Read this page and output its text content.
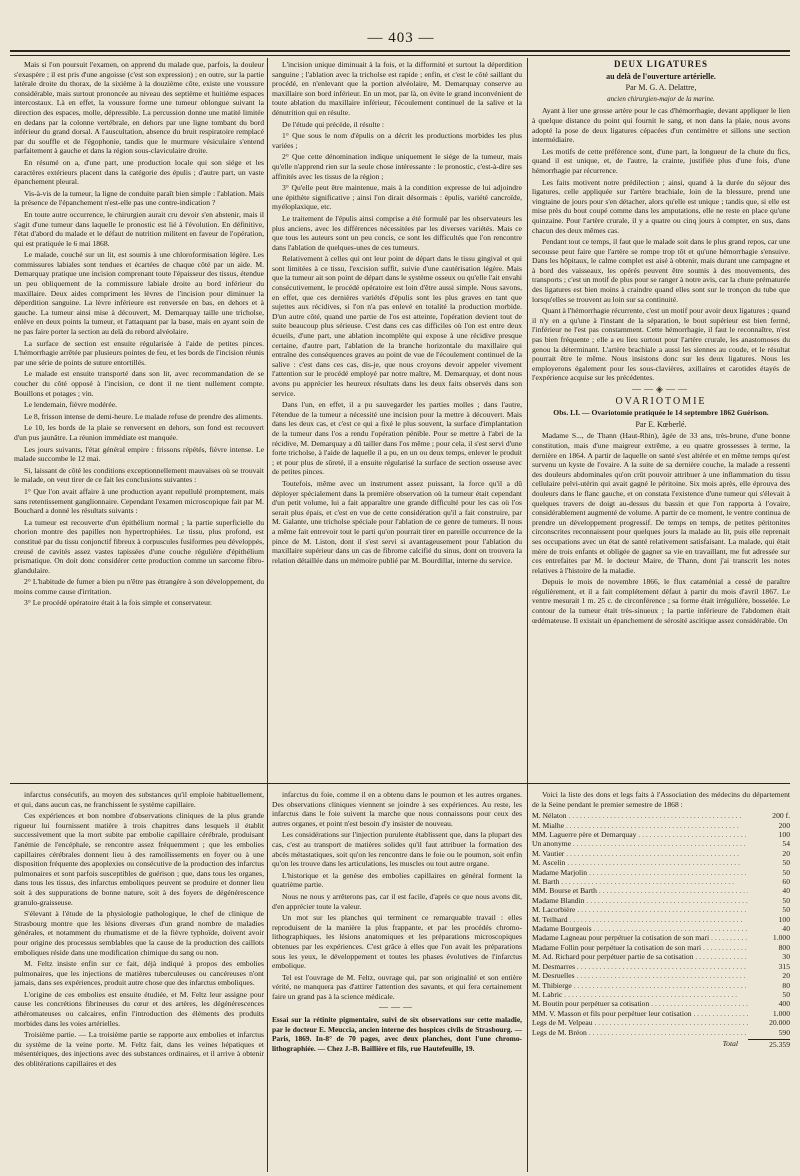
— 403 —

Mais si l'on poursuit l'examen, on apprend du malade que, parfois, la douleur s'exaspère ; il est pris d'une angoisse (c'est son expression) ; en outre, sur la partie latérale droite du thorax, de la sixième à la douzième côte, existe une voussure considérable, mais surtout prononcée au niveau des septième et huitième espaces intercostaux. Là en effet, la voussure forme une tumeur oblongue suivant la direction des espaces, molle, dépressible. La percussion donne une matité limitée en dedans par la colonne vertébrale, en dehors par une ligne tombant du bord inférieur du grand dorsal. A l'auscultation, absence du bruit respiratoire remplacé par du souffle et de l'égophonie, tandis que le murmure vésiculaire s'entend parfaitement à gauche et dans la région sous-claviculaire droite.

En résumé on a, d'une part, une production locale qui son siége et les caractères extérieurs placent dans la catégorie des épulis ; d'autre part, un vaste épanchement pleural.

Vis-à-vis de la tumeur, la ligne de conduite paraît bien simple : l'ablation. Mais la présence de l'épanchement n'est-elle pas une contre-indication ?

En toute autre occurrence, le chirurgien aurait cru devoir s'en abstenir, mais il s'agit d'une tumeur dans laquelle le pronostic est lié à l'évolution. En définitive, l'état d'abord du malade et le défaut de nutrition militent en faveur de l'opération, qui est pratiquée le 6 mai 1868.

Le malade, couché sur un lit, est soumis à une chloroformisation légère. Les commissures labiales sont tendues et écartées de chaque côté par un aide. M. Demarquay pratique une incision comprenant toute l'épaisseur des tissus, étendue un peu obliquement de la commissure labiale droite au bord inférieur du maxillaire. Deux aides compriment les lèvres de l'incision pour diminuer la déperdition sanguine. La lèvre inférieure est renversée en bas, en dehors et à gauche. La tumeur ainsi mise à découvert, M. Demarquay taille une tricholse, enlève en deux points la tumeur, et l'attaquant par la base, mais en ayant soin de ne pas faire porter la section au delà du rebord alvéolaire.

La surface de section est ensuite régularisée à l'aide de petites pinces. L'hémorrhagie arrêtée par plusieurs pointes de feu, et les bords de l'incision réunis par une série de points de suture entortillés.

Le malade est ensuite transporté dans son lit, avec recommandation de se coucher du côté opposé à l'incision, ce dont il ne tient nullement compte. Bouillons et potages ; vin.

Le lendemain, fièvre modérée.

Le 8, frisson intense de demi-heure. Le malade refuse de prendre des aliments.

Le 10, les bords de la plaie se renversent en dehors, son fond est recouvert d'un pus jaunâtre. La réunion immédiate est manquée.

Les jours suivants, l'état général empire : frissons répétés, fièvre intense. Le malade succombe le 12 mai.

Si, laissant de côté les conditions exceptionnellement mauvaises où se trouvait le malade, on veut tirer de ce fait les conclusions suivantes :

1° Que l'on avait affaire à une production ayant repullulé promptement, mais sans retentissement ganglionnaire. Cependant l'examen microscopique fait par M. Bouchard a donné les résultats suivants :

La tumeur est recouverte d'un épithélium normal ; la partie superficielle du chorion montre des papilles non hypertrophiées. Le tissu, plus profond, est constitué par du tissu conjonctif fibreux à corpuscules fusiformes peu développés, creusé de cavités assez vastes tapissées d'une couche régulière d'épithélium prismatique. On doit donc considérer cette production comme un sarcome fibro-glandulaire.

2° L'habitude de fumer a bien pu n'être pas étrangère à son développement, du moins comme cause d'irritation.

3° Le procédé opératoire était à la fois simple et conservateur.

L'incision unique diminuait à la fois, et la difformité et surtout la déperdition sanguine ; l'ablation avec la tricholse est rapide ; enfin, et c'est le côté saillant du procédé, en n'enlevant que la portion alvéolaire, M. Demarquay conserve au maxillaire son bord inférieur. En un mot, par là, on évite le grand inconvénient de toute ablation du maxillaire inférieur, l'écoulement continuel de la salive et la dénutrition qui en résulte.

De l'étude qui précède, il résulte :

1° Que sous le nom d'épulis on a décrit les productions morbides les plus variées ;

2° Que cette dénomination indique uniquement le siége de la tumeur, mais qu'elle n'apprend rien sur la seule chose intéressante : le pronostic, c'est-à-dire ses affinités avec les tissus de la région ;

3° Qu'elle peut être maintenue, mais à la condition expresse de lui adjoindre une épithète significative ; ainsi l'on dirait désormais : épulis, variété cancroïde, myéloplaxique, etc.

Le traitement de l'épulis ainsi comprise a été formulé par les observateurs les plus anciens, avec les différences nécessitées par les diverses variétés. Mais ce que tous les auteurs sont un peu concis, ce sont les difficultés que l'on rencontre dans l'ablation de quelques-unes de ces tumeurs.

Relativement à celles qui ont leur point de départ dans le tissu gingival et qui sont limitées à ce tissu, l'excision suffit, suivie d'une cautérisation légère. Mais que la tumeur ait son point de départ dans le système osseux ou qu'elle l'ait envahi consécutivement, le procédé opératoire est loin d'être aussi simple. Nous savons, en effet, que ces dernières variétés d'épulis sont les plus graves en tant que sujettes aux récidives, si l'on n'a pas enlevé en totalité la production morbide. D'un autre côté, quand une partie de l'os est atteinte, l'opération devient tout de suite beaucoup plus sérieuse. C'est dans ces cas difficiles où l'on est entre deux écueils, d'une part, une ablation incomplète qui expose à une récidive presque certaine, d'autre part, l'ablation de la branche horizontale du maxillaire qui entraîne des conséquences graves au point de vue de l'écoulement continuel de la salive : c'est dans ces cas, dis-je, que nous croyons devoir appeler vivement l'attention sur le procédé employé par notre maître, M. Demarquay, et dont nous avons pu apprécier les heureux résultats dans les deux faits observés dans son service.

Dans l'un, en effet, il a pu sauvegarder les parties molles ; dans l'autre, l'étendue de la tumeur a nécessité une incision pour la mettre à découvert. Mais dans les deux cas, et c'est ce qui a fixé le plus souvent, la surface d'implantation de la tumeur dans l'os a rendu l'opération pénible. Pour se mettre à l'abri de la récidive, M. Demarquay a dû tailler dans l'os même ; pour cela, il s'est servi d'une forte tricholse, à l'aide de laquelle il a pu, en un ou deux temps, enlever le produit ; et pour plus de sûreté, il a ensuite régularisé la surface de section osseuse avec de petites pinces.

Toutefois, même avec un instrument assez puissant, la force qu'il a dû déployer spécialement dans la première observation où la tumeur était cependant d'un petit volume, lui a fait apparaître une grande difficulté pour les cas où l'os serait plus épais, et c'est en vue de cette considération qu'il a fait construire, par M. Galante, une tricholse spéciale pour l'ablation de ce genre de tumeurs. Il nous a même fait entrevoir tout le parti qu'on pourrait tirer en pareille occurrence de la pince de M. Liston, dont il s'est servi si avantageusement pour l'ablation du maxillaire supérieur dans un cas de fibrome calcifié du sinus, dont on trouvera la relation détaillée dans un mémoire publié par M. Bourdillat, interne du service.

DEUX LIGATURES

au delà de l'ouverture artérielle.

Par M. G. A. Delattre,

ancien chirurgien-major de la marine.

Ayant à lier une grosse artère pour le cas d'hémorrhagie, devant appliquer le lien à quelque distance du point qui fournit le sang, et non dans la plaie, nous avons adopté la pose de deux ligatures cépacées d'un centimètre et sillons une section intermédiaire.

Les motifs de cette préférence sont, d'une part, la longueur de la chute du fics, quand il est unique, et, de l'autre, la crainte, justifiée plus d'une fois, d'une hémorrhagie par récurrence.

Les faits motivent notre prédilection ; ainsi, quand à la durée du séjour des ligatures, celle appliquée sur l'artère brachiale, loin de la blessure, prend une vingtaine de jours pour s'en détacher, alors qu'elle est unique ; tandis que, si elle est mise près du bout coupé comme dans les amputations, elle ne reste en place qu'une quinzaine. Pour l'artère crurale, il y a quatre ou cinq jours à compter, en sus, dans chacun des deux mêmes cas.

Pendant tout ce temps, il faut que le malade soit dans le plus grand repos, car une secousse peut faire que l'artère se rompe trop tôt et qu'une hémorrhagie s'ensuive. Dans les hôpitaux, le calme complet est aisé à obtenir, mais durant une campagne et à bord des vaisseaux, les opérés peuvent être soumis à des mouvements, des transports ; c'est un motif de plus pour se ranger à notre avis, car la chute prématurée des ligatures est bien moins à craindre quand elles sont sur le tronçon du tube que lorsqu'elles se trouvent au loin sur sa continuité.

Quant à l'hémorrhagie récurrente, c'est un motif pour avoir deux ligatures ; quand il n'y en a qu'une à l'instant de la séparation, le bout supérieur est bien fermé, l'inférieur ne l'est pas constamment. Cette hémorrhagie, il faut le reconnaître, n'est pas bien fréquente ; elle a eu lieu surtout pour l'artère crurale, les anastomoses du genou la déterminant. L'artère brachiale a aussi les siennes au coude, et le résultat pourrait être le même. Nous insistons donc sur les deux ligatures. Nous les employerons également pour les sous-clavières, axillaires et carotides étayés de l'expérience acquise sur les précédentes.

——◈——

OVARIOTOMIE

Obs. LI. — Ovariotomie pratiquée le 14 septembre 1862 Guérison.

Par E. Kœberlé.

Madame S..., de Thann (Haut-Rhin), âgée de 33 ans, très-brune, d'une bonne constitution, mais d'une maigreur extrême, a eu quatre grossesses à terme, la dernière en 1864. A partir de laquelle on santé s'est altérée et en même temps qu'est survenu un kyste de l'ovaire. A la suite de sa dernière couche, la malade a ressenti des douleurs abdominales qu'on crût pouvoir attribuer à une inflammation du tissu cellulaire pelvi-utérin qui avait gagné le péritoine. Six mois après, elle éprouva des douleurs dans le flanc gauche, et on constata l'existence d'une tumeur qui s'élevait à quelques travers de doigt au-dessus du bassin et que l'on rapporta à l'ovaire, considérablement augmenté de volume. A partir de ce moment, le ventre continua de prendre un développement progressif. De temps en temps, de petites péritonites circonscrites reconnaissent pour quelques jours la malade au lit, puis elle reprenait ses occupations avec un état de santé relativement satisfaisant. La malade, qui était mère de trois enfants et obligée de gagner sa vie en travaillant, me fut adressée sur ces entrefaites par M. le docteur Maire, de Thann, dont j'ai transcrit les notes relatives à l'histoire de la maladie.

Depuis le mois de novembre 1866, le flux cataménial a cessé de paraître régulièrement, et il a fait complétement défaut à partir du mois d'avril 1867. Le ventre mesurait 1 m. 25 c. de circonférence ; sa forme était irrégulière, bosselée. Le contour de la tumeur était très-sinueux ; la partie inférieure de l'abdomen était œdémateuse. Il existait un épanchement de sérosité ascitique assez considérable. On

infarctus consécutifs, au moyen des substances qu'il emploie habituellement, et qui, dans aucun cas, ne franchissent le système capillaire.

Ces expériences et bon nombre d'observations cliniques de la plus grande rigueur lui fournissent matière à trois chapitres dans lesquels il établit successivement que la mort subite par embolie capillaire cérébrale, produisant l'anémie de l'encéphale, se rencontre assez fréquemment ; que les embolies capillaires cérébrales donnent lieu à des ramollissements en foyer ou à une disposition fréquente des apoplexies ou consécutive de la production des infarctus pulmonaires et sont parfois susceptibles de guérison ; que, dans tous les organes, dans tous les tissus, des infarctus emboliques peuvent se produire et donner lieu soit à des suppurations de bonne nature, soit à des foyers de dégénérescence granulo-graisseuse.

S'élevant à l'étude de la physiologie pathologique, le chef de clinique de Strasbourg montre que les lésions diverses d'un grand nombre de maladies générales, et notamment du rhumatisme et de la fièvre typhoïde, doivent avoir pour origine des processus semblables que la cause de la production des caillots emboliques réside dans une modification chimique du sang ou non.

M. Feltz insiste enfin sur ce fait, déjà indiqué à propos des embolies pulmonaires, que les injections de matières tuberculeuses ou cancéreuses n'ont jamais, dans ses expériences, produit autre chose que des infarctus emboliques.

L'origine de ces embolies est ensuite étudiée, et M. Feltz leur assigne pour cause les concrétions fibrineuses du cœur et des artères, les dégénérescences athéromateuses ou calcaires, enfin l'introduction des éléments des produits morbides dans les voies artérielles.

Troisième partie. — La troisième partie se rapporte aux embolies et infarctus du système de la veine porte. M. Feltz fait, dans les veines hépatiques et mésentériques, des injections avec des substances ordinaires, et il arrive à obtenir des oblitérations capillaires et des

infarctus du foie, comme il en a obtenu dans le poumon et les autres organes. Des observations cliniques viennent se joindre à ses expériences. Au reste, les infarctus dans le foie suivent la marche que nous connaissons pour ceux des autres organes, et point n'est besoin d'y insister de nouveau.

Les considérations sur l'injection purulente établissent que, dans la plupart des cas, c'est au transport de matières solides qu'il faut attribuer la formation des abcès métastatiques, soit qu'on les rencontre dans le foie ou le poumon, soit enfin qu'on les trouve dans les articulations, les muscles ou tout autre organe.

L'historique et la genèse des embolies capillaires en général forment la quatrième partie.

Nous ne nous y arrêterons pas, car il est facile, d'après ce que nous avons dit, d'en apprécier toute la valeur.

Un mot sur les planches qui terminent ce remarquable travail : elles reproduisent de la manière la plus frappante, et par les procédés chromo-lithographiques, les lésions anatomiques et les préparations microscopiques obtenues par les expériences. C'est grâce à elles que l'on avait les préparations sous les yeux, le développement et toutes les phases évolutives de l'infarctus embolique.

Tel est l'ouvrage de M. Feltz, ouvrage qui, par son originalité et son entière vérité, ne manquera pas d'attirer l'attention des savants, et qui fera certainement faire un grand pas à la science médicale.

———

Essai sur la rétinite pigmentaire, suivi de six observations sur cette maladie, par le docteur E. Meuccia, ancien interne des hospices civils de Strasbourg. — Paris, 1869. In-8° de 70 pages, avec deux planches, dont l'une chromo-lithographiée. — Chez J.-B. Baillière et fils, rue Hautefeuille, 19.

Voici la liste des dons et legs faits à l'Association des médecins du département de la Seine pendant le premier semestre de 1868 :

M. Nélaton . . .	200 f.
M. Mialhe . . .	200
MM. Laguerre père et Demarquay . . .	100
Un anonyme . . .	54
M. Vautier . . .	20
M. Ascelin . . .	50
Madame Marjolin . . .	50
M. Barth . . .	60
MM. Bourse et Barth . . .	40
Madame Blandin . . .	50
M. Lacorbière . . .	50
M. Teilhard . . .	100
Madame Bourgeois . . .	40
Madame Lagneau pour perpétuer la cotisation de son mari . . .	1.000
Madame Follin pour perpétuer la cotisation de son mari . . .	800
M. Ad. Richard pour perpétuer partie de sa cotisation . . .	30
M. Desmarres . . .	315
M. Desruelles . . .	20
M. Thibierge . . .	80
M. Labric . . .	50
M. Boutin pour perpétuer sa cotisation . . .	400
MM. V. Masson et fils pour perpétuer leur cotisation . . .	1.000
Legs de M. Velpeau . . .	20.000
Legs de M. Bréon . . .	590
Total	25.359
